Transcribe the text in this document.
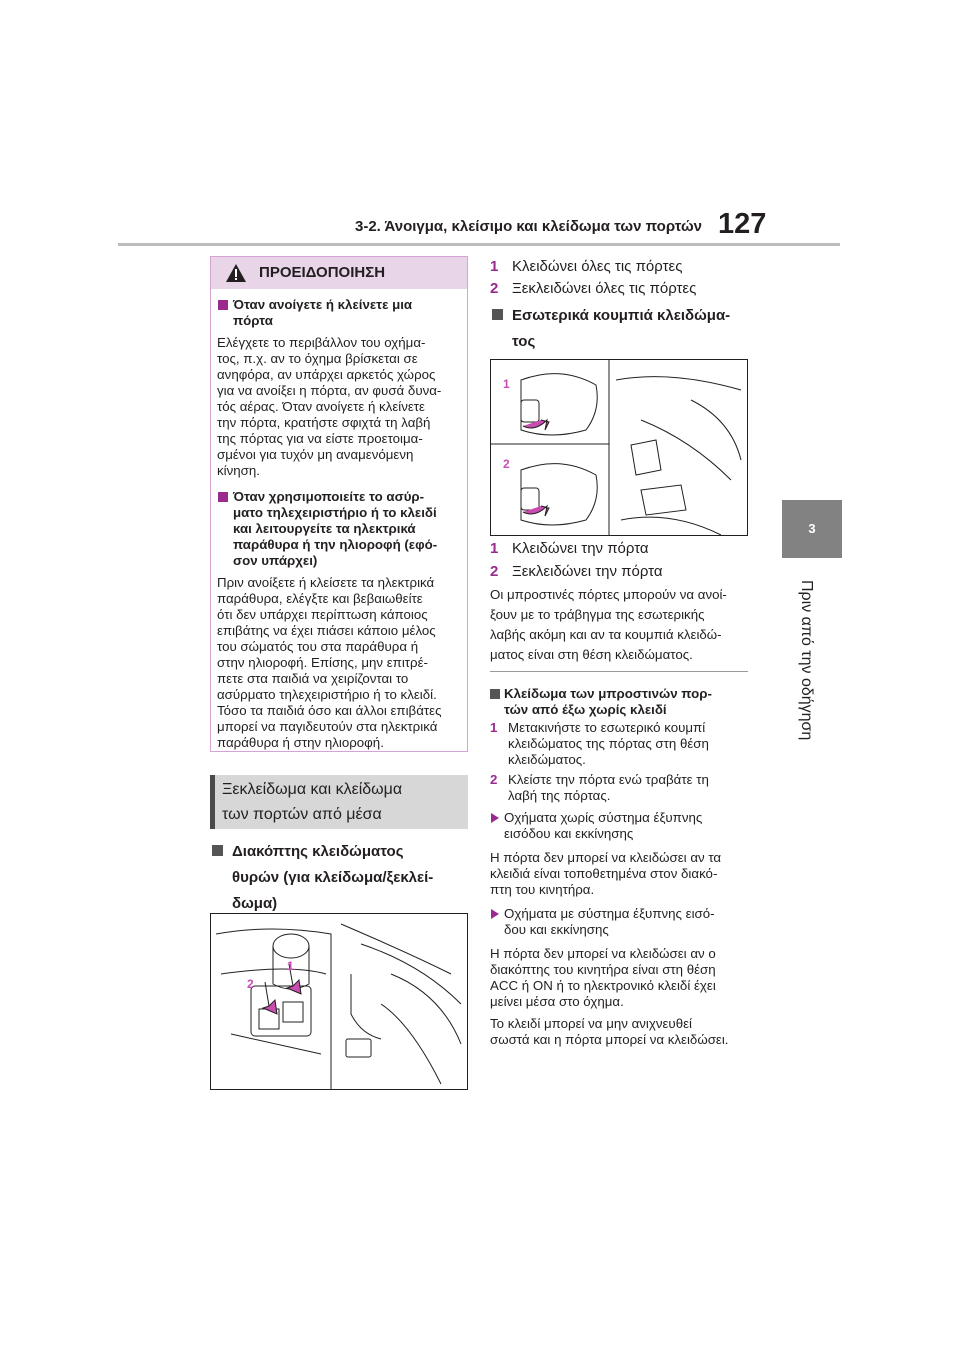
3-2. Άνοιγμα, κλείσιμο και κλείδωμα των πορτών 127
3
Πριν από την οδήγηση
ΠΡΟΕΙΔΟΠΟΙΗΣΗ
Όταν ανοίγετε ή κλείνετε μια
πόρτα
Ελέγχετε το περιβάλλον του οχήμα-
τος, π.χ. αν το όχημα βρίσκεται σε
ανηφόρα, αν υπάρχει αρκετός χώρος
για να ανοίξει η πόρτα, αν φυσά δυνα-
τός αέρας. Όταν ανοίγετε ή κλείνετε
την πόρτα, κρατήστε σφιχτά τη λαβή
της πόρτας για να είστε προετοιμα-
σμένοι για τυχόν μη αναμενόμενη
κίνηση.
Όταν χρησιμοποιείτε το ασύρ-
ματο τηλεχειριστήριο ή το κλειδί
και λειτουργείτε τα ηλεκτρικά
παράθυρα ή την ηλιοροφή (εφό-
σον υπάρχει)
Πριν ανοίξετε ή κλείσετε τα ηλεκτρικά
παράθυρα, ελέγξτε και βεβαιωθείτε
ότι δεν υπάρχει περίπτωση κάποιος
επιβάτης να έχει πιάσει κάποιο μέλος
του σώματός του στα παράθυρα ή
στην ηλιοροφή. Επίσης, μην επιτρέ-
πετε στα παιδιά να χειρίζονται το
ασύρματο τηλεχειριστήριο ή το κλειδί.
Τόσο τα παιδιά όσο και άλλοι επιβάτες
μπορεί να παγιδευτούν στα ηλεκτρικά
παράθυρα ή στην ηλιοροφή.
Ξεκλείδωμα και κλείδωμα
των πορτών από μέσα
Διακόπτης κλειδώματος
θυρών (για κλείδωμα/ξεκλεί-
δωμα)
2
1
1 Κλειδώνει όλες τις πόρτες
2 Ξεκλειδώνει όλες τις πόρτες
Εσωτερικά κουμπιά κλειδώμα-
τος
1
2
1 Κλειδώνει την πόρτα
2 Ξεκλειδώνει την πόρτα
Οι μπροστινές πόρτες μπορούν να ανοί-
ξουν με το τράβηγμα της εσωτερικής
λαβής ακόμη και αν τα κουμπιά κλειδώ-
ματος είναι στη θέση κλειδώματος.
Κλείδωμα των μπροστινών πορ-
τών από έξω χωρίς κλειδί
1 Μετακινήστε το εσωτερικό κουμπί
κλειδώματος της πόρτας στη θέση
κλειδώματος.
2 Κλείστε την πόρτα ενώ τραβάτε τη
λαβή της πόρτας.
Οχήματα χωρίς σύστημα έξυπνης
εισόδου και εκκίνησης
Η πόρτα δεν μπορεί να κλειδώσει αν τα
κλειδιά είναι τοποθετημένα στον διακό-
πτη του κινητήρα.
Οχήματα με σύστημα έξυπνης εισό-
δου και εκκίνησης
Η πόρτα δεν μπορεί να κλειδώσει αν ο
διακόπτης του κινητήρα είναι στη θέση
ACC ή ON ή το ηλεκτρονικό κλειδί έχει
μείνει μέσα στο όχημα.
Το κλειδί μπορεί να μην ανιχνευθεί
σωστά και η πόρτα μπορεί να κλειδώσει.
